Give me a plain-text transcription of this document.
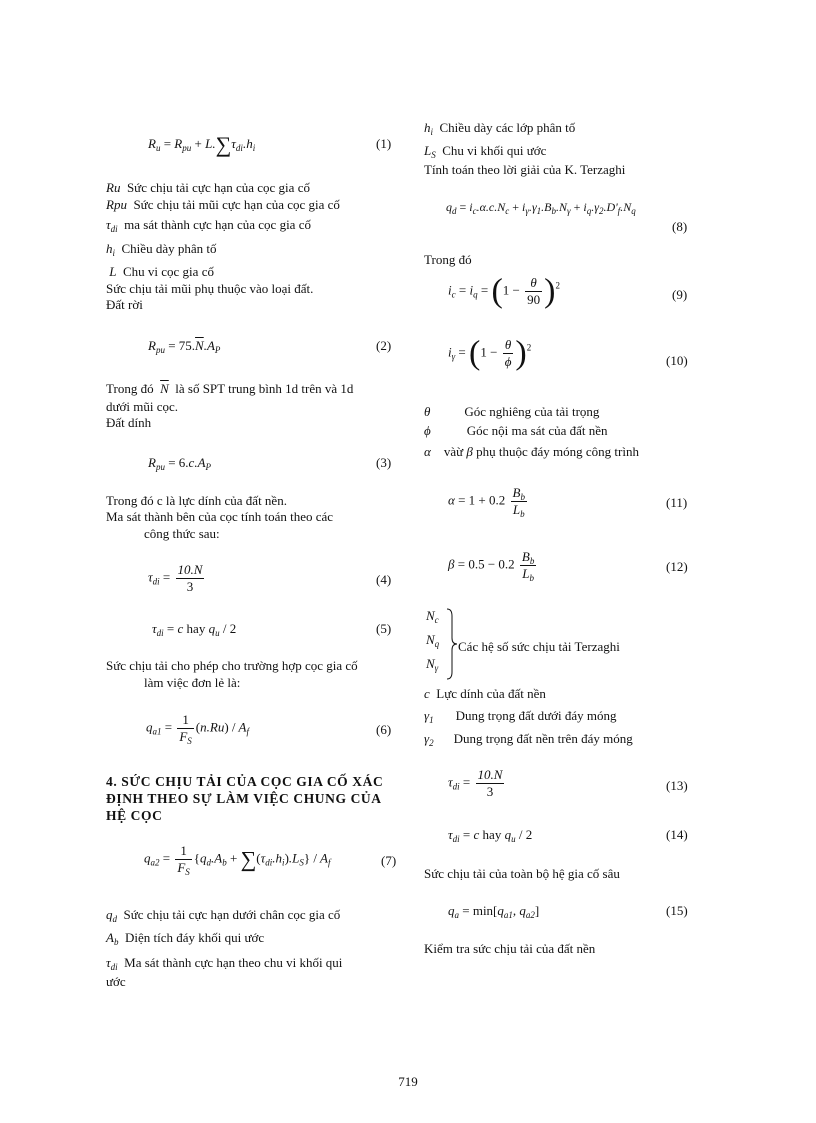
$R_u = R_{pu} + L.\sum\tau_{di}.h_i$	(1)
Ru Sức chịu tải cực hạn của cọc gia cố
Rpu Sức chịu tải mũi cực hạn của cọc gia cố
$\tau_{di}$ ma sát thành cực hạn của cọc gia cố
$h_i$ Chiều dày phân tố
L Chu vi cọc gia cố
Sức chịu tải mũi phụ thuộc vào loại đất.
Đất rời
$R_{pu} = 75.\overline{N}.A_P$	(2)
Trong đó $\overline{N}$ là số SPT trung bình 1d trên và 1d
dưới mũi cọc.
Đất dính
$R_{pu} = 6.c.A_P$	(3)
Trong đó c là lực dính của đất nền.
Ma sát thành bên của cọc tính toán theo các
công thức sau:
$\tau_{di} = \frac{10.N}{3}$	(4)
$\tau_{di} = c$ hay $q_u / 2$	(5)
Sức chịu tải cho phép cho trường hợp cọc gia cố
làm việc đơn lẻ là:
$q_{a1} = \frac{1}{F_S} (n.Ru) / A_f$	(6)
4. SỨC CHỊU TẢI CỦA CỌC GIA CỐ XÁC ĐỊNH THEO SỰ LÀM VIỆC CHUNG CỦA HỆ CỌC
$q_{a2} = \frac{1}{F_S} \{q_d.A_b + \sum(\tau_{di}.h_i).L_S\} / A_f$	(7)
$q_d$ Sức chịu tải cực hạn dưới chân cọc gia cố
$A_b$ Diện tích đáy khối qui ước
$\tau_{di}$ Ma sát thành cực hạn theo chu vi khối qui
ước
$h_i$ Chiều dày các lớp phân tố
$L_S$ Chu vi khối qui ước
Tính toán theo lời giải của K. Terzaghi
$q_d = i_c.\alpha.c.N_c + i_\gamma.\gamma_1.B_b.N_\gamma + i_q.\gamma_2.D'_f.N_q$
(8)
Trong đó
$i_c = i_q = (1 - \frac{\theta}{90} )^2$
(9)
$i_\gamma = (1 - \frac{\theta}{\phi} )^2$
(10)
θ	Góc nghiêng của tải trọng
ϕ	Góc nội ma sát của đất nền
α vàừ β phụ thuộc đáy móng công trình
$\alpha = 1 + 0.2 \frac{B_b}{L_b}$	(11)
$\beta = 0.5 - 0.2 \frac{B_b}{L_b}$	(12)
$N_c$
$N_q$
$N_\gamma$
Các hệ số sức chịu tải Terzaghi
c Lực dính của đất nền
$\gamma_1$ Dung trọng đất dưới đáy móng
$\gamma_2$ Dung trọng đất nền trên đáy móng
$\tau_{di} = \frac{10.N}{3}$	(13)
$\tau_{di} = c$ hay $q_u / 2$	(14)
Sức chịu tải của toàn bộ hệ gia cố sâu
$q_a = \min[q_{a1}$, $q_{a2}$]	(15)
Kiểm tra sức chịu tải của đất nền
719
